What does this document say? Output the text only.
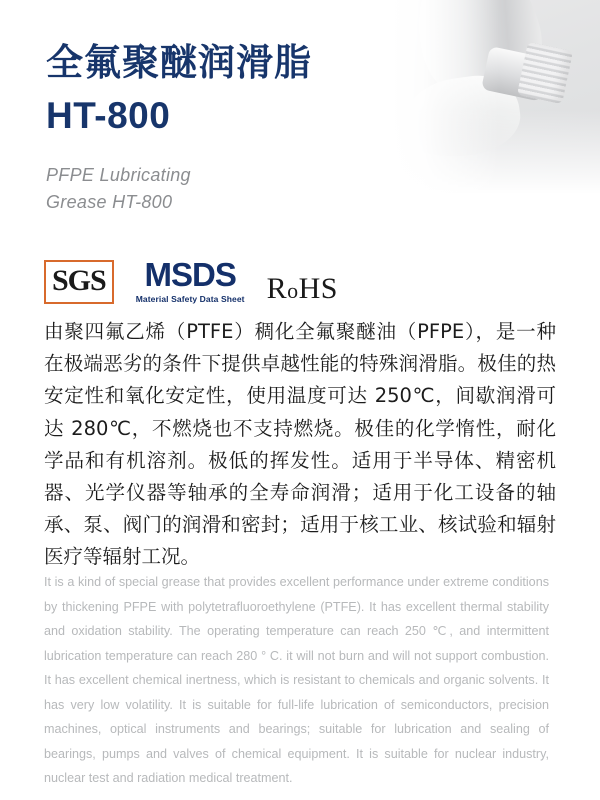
全氟聚醚润滑脂
HT-800
PFPE Lubricating
Grease HT-800
SGS MSDS
Material Safety Data Sheet RoHS
由聚四氟乙烯（PTFE）稠化全氟聚醚油（PFPE），是一种在极端恶劣的条件下提供卓越性能的特殊润滑脂。极佳的热安定性和氧化安定性，使用温度可达 250℃，间歇润滑可达 280℃，不燃烧也不支持燃烧。极佳的化学惰性，耐化学品和有机溶剂。极低的挥发性。适用于半导体、精密机器、光学仪器等轴承的全寿命润滑；适用于化工设备的轴承、泵、阀门的润滑和密封；适用于核工业、核试验和辐射医疗等辐射工况。
It is a kind of special grease that provides excellent performance under extreme conditions by thickening PFPE with polytetrafluoroethylene (PTFE). It has excellent thermal stability and oxidation stability. The operating temperature can reach 250 ℃, and intermittent lubrication temperature can reach 280 ° C. it will not burn and will not support combustion. It has excellent chemical inertness, which is resistant to chemicals and organic solvents. It has very low volatility. It is suitable for full-life lubrication of semiconductors, precision machines, optical instruments and bearings; suitable for lubrication and sealing of bearings, pumps and valves of chemical equipment. It is suitable for nuclear industry, nuclear test and radiation medical treatment.
